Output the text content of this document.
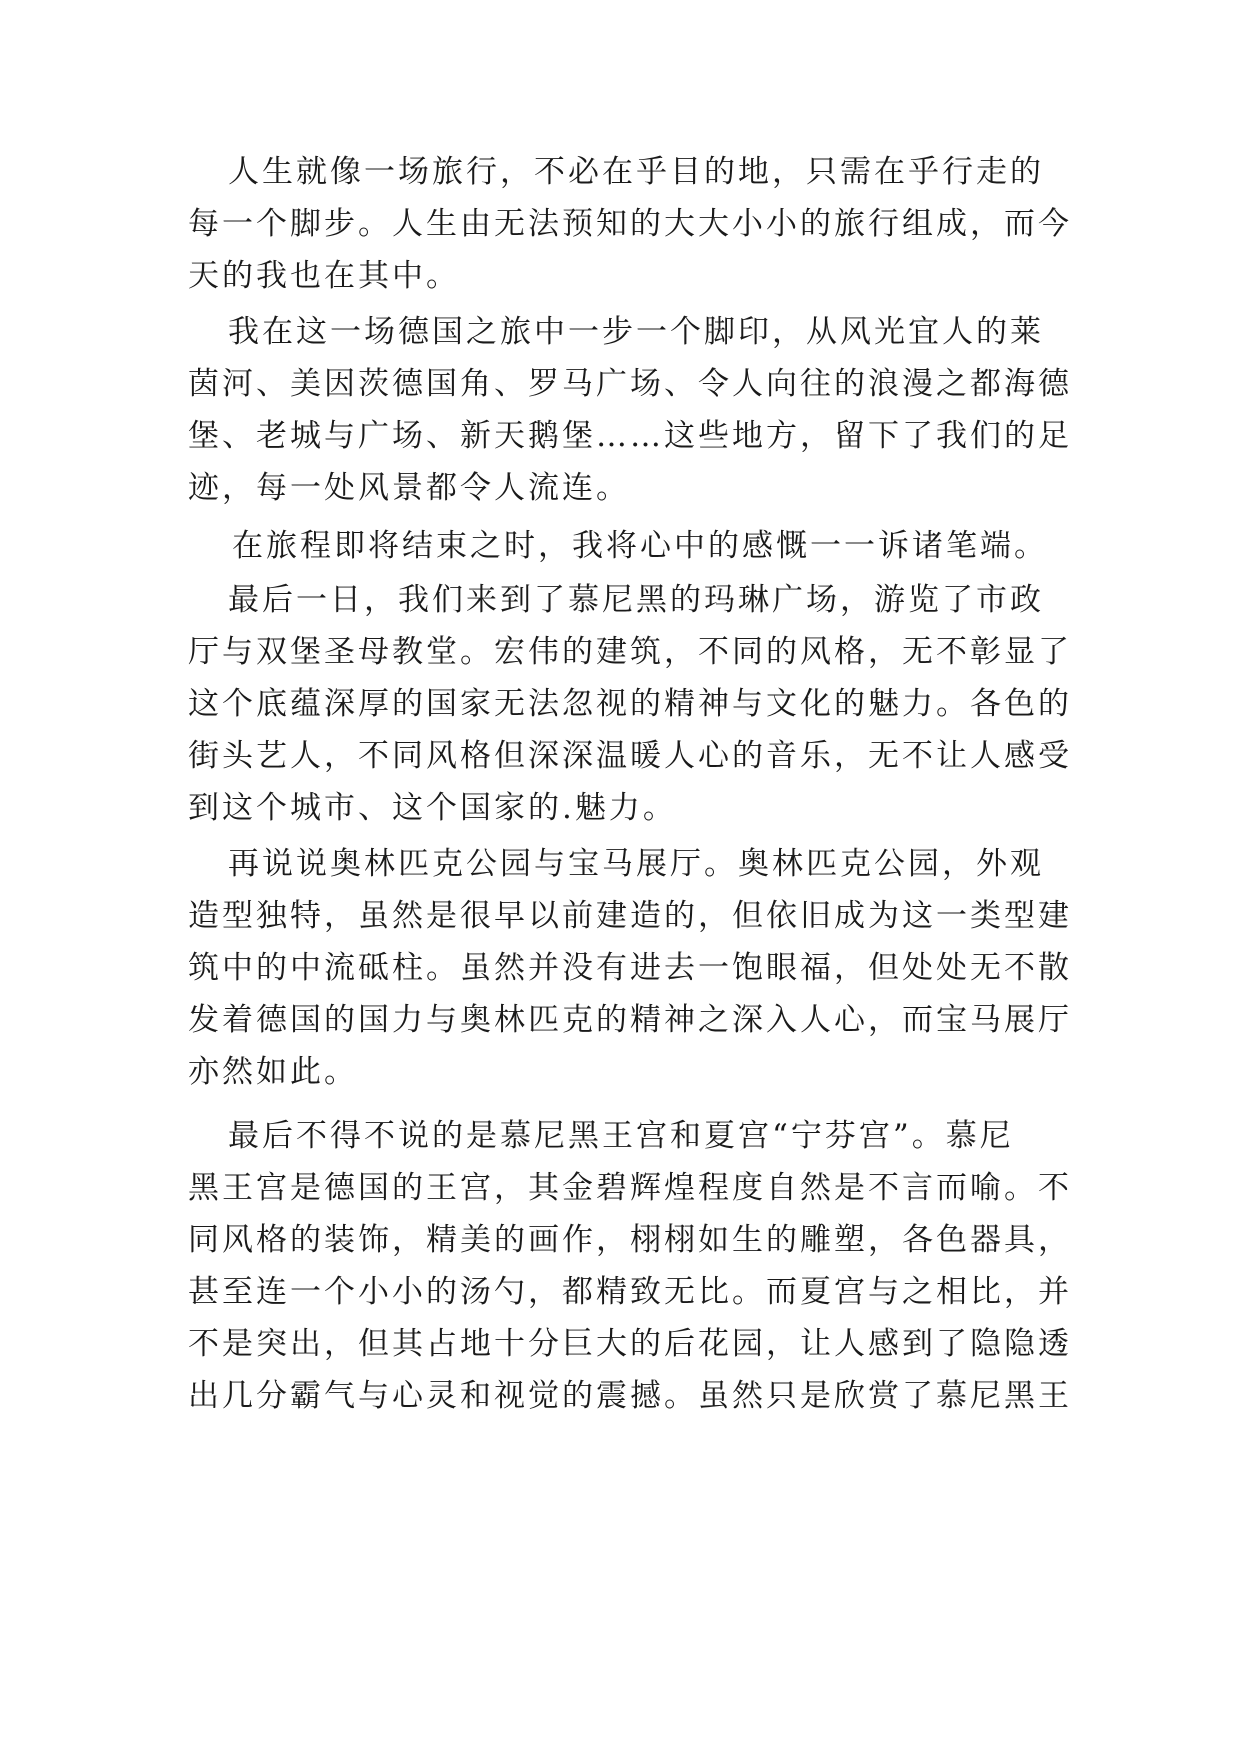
人生就像一场旅行，不必在乎目的地，只需在乎行走的
每一个脚步。人生由无法预知的大大小小的旅行组成，而今
天的我也在其中。
我在这一场德国之旅中一步一个脚印，从风光宜人的莱
茵河、美因茨德国角、罗马广场、令人向往的浪漫之都海德
堡、老城与广场、新天鹅堡……这些地方，留下了我们的足
迹，每一处风景都令人流连。
在旅程即将结束之时，我将心中的感慨一一诉诸笔端。
最后一日，我们来到了慕尼黑的玛琳广场，游览了市政
厅与双堡圣母教堂。宏伟的建筑，不同的风格，无不彰显了
这个底蕴深厚的国家无法忽视的精神与文化的魅力。各色的
街头艺人，不同风格但深深温暖人心的音乐，无不让人感受
到这个城市、这个国家的.魅力。
再说说奥林匹克公园与宝马展厅。奥林匹克公园，外观
造型独特，虽然是很早以前建造的，但依旧成为这一类型建
筑中的中流砥柱。虽然并没有进去一饱眼福，但处处无不散
发着德国的国力与奥林匹克的精神之深入人心，而宝马展厅
亦然如此。
最后不得不说的是慕尼黑王宫和夏宫“宁芬宫”。慕尼
黑王宫是德国的王宫，其金碧辉煌程度自然是不言而喻。不
同风格的装饰，精美的画作，栩栩如生的雕塑，各色器具，
甚至连一个小小的汤勺，都精致无比。而夏宫与之相比，并
不是突出，但其占地十分巨大的后花园，让人感到了隐隐透
出几分霸气与心灵和视觉的震撼。虽然只是欣赏了慕尼黑王
